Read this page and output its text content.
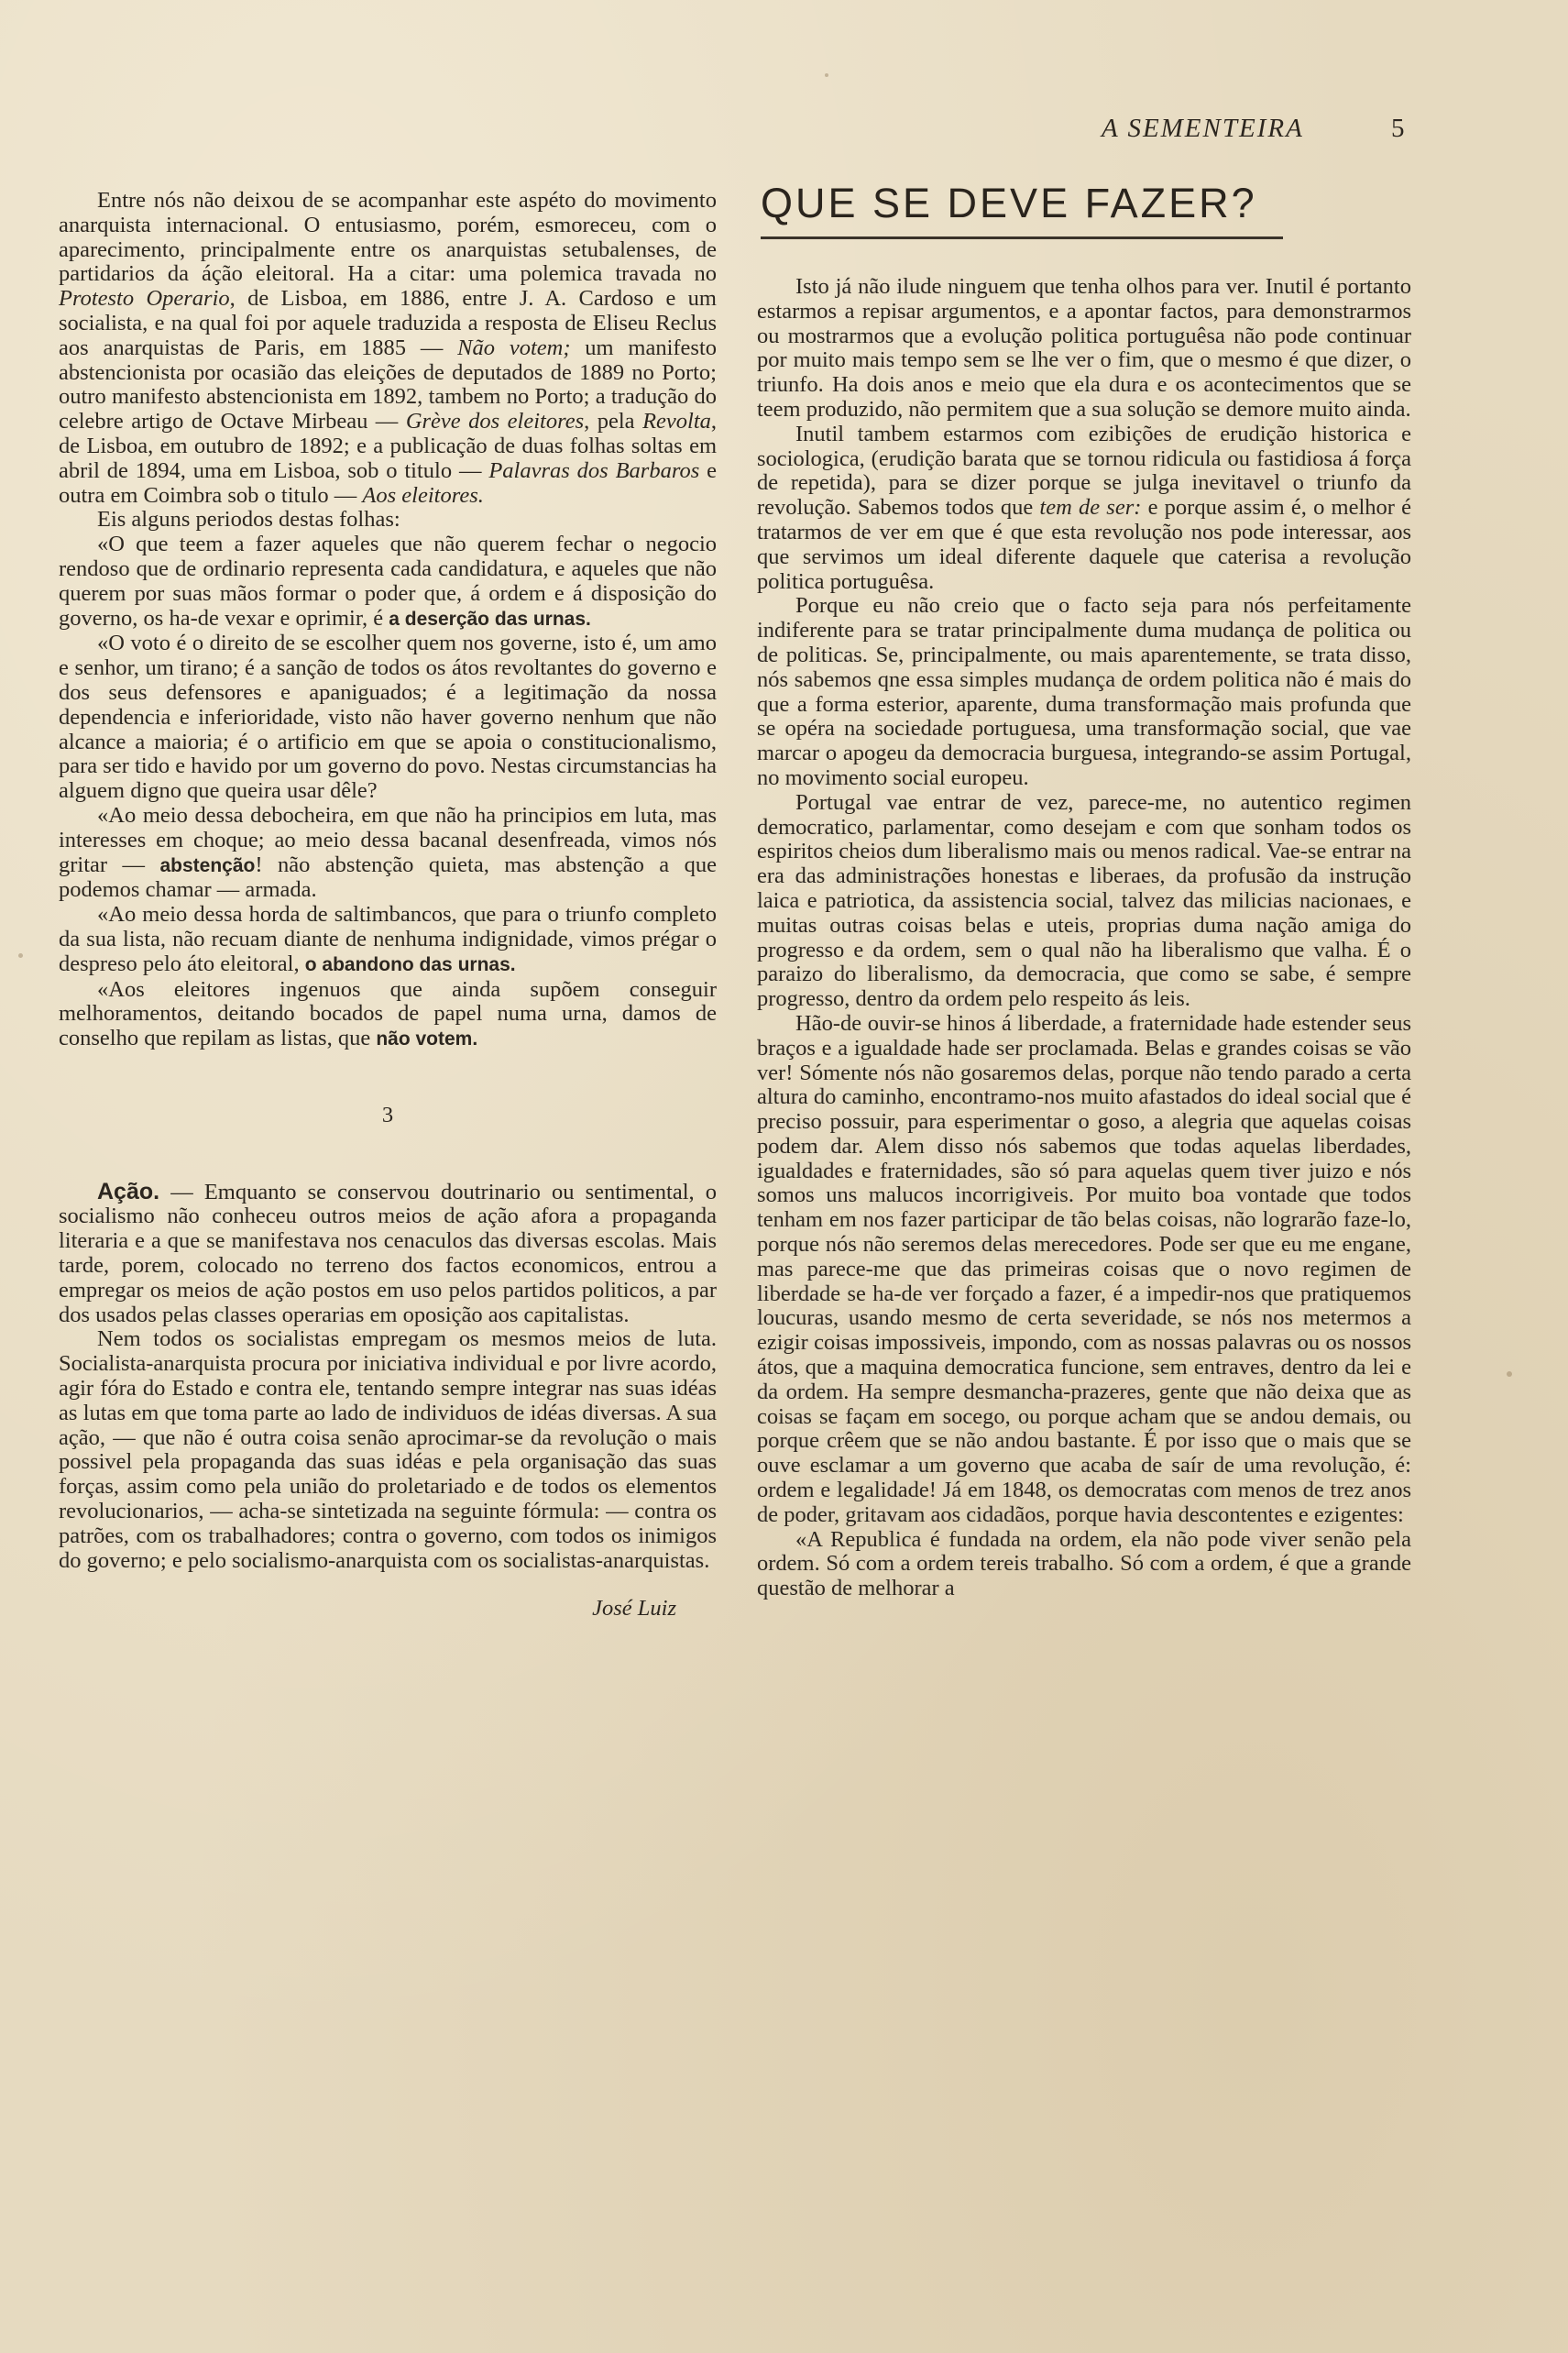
A SEMENTEIRA	5

Entre nós não deixou de se acompanhar este aspéto do movimento anarquista internacional. O entusiasmo, porém, esmoreceu, com o aparecimento, principalmente entre os anarquistas setubalenses, de partidarios da áção eleitoral. Ha a citar: uma polemica travada no Protesto Operario, de Lisboa, em 1886, entre J. A. Cardoso e um socialista, e na qual foi por aquele traduzida a resposta de Eliseu Reclus aos anarquistas de Paris, em 1885 — Não votem; um manifesto abstencionista por ocasião das eleições de deputados de 1889 no Porto; outro manifesto abstencionista em 1892, tambem no Porto; a tradução do celebre artigo de Octave Mirbeau — Grève dos eleitores, pela Revolta, de Lisboa, em outubro de 1892; e a publicação de duas folhas soltas em abril de 1894, uma em Lisboa, sob o titulo — Palavras dos Barbaros e outra em Coimbra sob o titulo — Aos eleitores.

Eis alguns periodos destas folhas:

«O que teem a fazer aqueles que não querem fechar o negocio rendoso que de ordinario representa cada candidatura, e aqueles que não querem por suas mãos formar o poder que, á ordem e á disposição do governo, os ha-de vexar e oprimir, é a deserção das urnas.

«O voto é o direito de se escolher quem nos governe, isto é, um amo e senhor, um tirano; é a sanção de todos os átos revoltantes do governo e dos seus defensores e apaniguados; é a legitimação da nossa dependencia e inferioridade, visto não haver governo nenhum que não alcance a maioria; é o artificio em que se apoia o constitucionalismo, para ser tido e havido por um governo do povo. Nestas circumstancias ha alguem digno que queira usar dêle?

«Ao meio dessa debocheira, em que não ha principios em luta, mas interesses em choque; ao meio dessa bacanal desenfreada, vimos nós gritar — abstenção! não abstenção quieta, mas abstenção a que podemos chamar — armada.

«Ao meio dessa horda de saltimbancos, que para o triunfo completo da sua lista, não recuam diante de nenhuma indignidade, vimos prégar o despreso pelo áto eleitoral, o abandono das urnas.

«Aos eleitores ingenuos que ainda supõem conseguir melhoramentos, deitando bocados de papel numa urna, damos de conselho que repilam as listas, que não votem.

3

Ação. — Emquanto se conservou doutrinario ou sentimental, o socialismo não conheceu outros meios de ação afora a propaganda literaria e a que se manifestava nos cenaculos das diversas escolas. Mais tarde, porem, colocado no terreno dos factos economicos, entrou a empregar os meios de ação postos em uso pelos partidos politicos, a par dos usados pelas classes operarias em oposição aos capitalistas.

Nem todos os socialistas empregam os mesmos meios de luta. Socialista-anarquista procura por iniciativa individual e por livre acordo, agir fóra do Estado e contra ele, tentando sempre integrar nas suas idéas as lutas em que toma parte ao lado de individuos de idéas diversas. A sua ação, — que não é outra coisa senão aprocimar-se da revolução o mais possivel pela propaganda das suas idéas e pela organisação das suas forças, assim como pela união do proletariado e de todos os elementos revolucionarios, — acha-se sintetizada na seguinte fórmula: — contra os patrões, com os trabalhadores; contra o governo, com todos os inimigos do governo; e pelo socialismo-anarquista com os socialistas-anarquistas.

José Luiz
QUE SE DEVE FAZER?

Isto já não ilude ninguem que tenha olhos para ver. Inutil é portanto estarmos a repisar argumentos, e a apontar factos, para demonstrarmos ou mostrarmos que a evolução politica portuguêsa não pode continuar por muito mais tempo sem se lhe ver o fim, que o mesmo é que dizer, o triunfo. Ha dois anos e meio que ela dura e os acontecimentos que se teem produzido, não permitem que a sua solução se demore muito ainda.

Inutil tambem estarmos com ezibições de erudição historica e sociologica, (erudição barata que se tornou ridicula ou fastidiosa á força de repetida), para se dizer porque se julga inevitavel o triunfo da revolução. Sabemos todos que tem de ser: e porque assim é, o melhor é tratarmos de ver em que é que esta revolução nos pode interessar, aos que servimos um ideal diferente daquele que caterisa a revolução politica portuguêsa.

Porque eu não creio que o facto seja para nós perfeitamente indiferente para se tratar principalmente duma mudança de politica ou de politicas. Se, principalmente, ou mais aparentemente, se trata disso, nós sabemos qne essa simples mudança de ordem politica não é mais do que a forma esterior, aparente, duma transformação mais profunda que se opéra na sociedade portuguesa, uma transformação social, que vae marcar o apogeu da democracia burguesa, integrando-se assim Portugal, no movimento social europeu.

Portugal vae entrar de vez, parece-me, no autentico regimen democratico, parlamentar, como desejam e com que sonham todos os espiritos cheios dum liberalismo mais ou menos radical. Vae-se entrar na era das administrações honestas e liberaes, da profusão da instrução laica e patriotica, da assistencia social, talvez das milicias nacionaes, e muitas outras coisas belas e uteis, proprias duma nação amiga do progresso e da ordem, sem o qual não ha liberalismo que valha. É o paraizo do liberalismo, da democracia, que como se sabe, é sempre progresso, dentro da ordem pelo respeito ás leis.

Hão-de ouvir-se hinos á liberdade, a fraternidade hade estender seus braços e a igualdade hade ser proclamada. Belas e grandes coisas se vão ver! Sómente nós não gosaremos delas, porque não tendo parado a certa altura do caminho, encontramo-nos muito afastados do ideal social que é preciso possuir, para esperimentar o goso, a alegria que aquelas coisas podem dar. Alem disso nós sabemos que todas aquelas liberdades, igualdades e fraternidades, são só para aquelas quem tiver juizo e nós somos uns malucos incorrigiveis. Por muito boa vontade que todos tenham em nos fazer participar de tão belas coisas, não lograrão faze-lo, porque nós não seremos delas merecedores. Pode ser que eu me engane, mas parece-me que das primeiras coisas que o novo regimen de liberdade se ha-de ver forçado a fazer, é a impedir-nos que pratiquemos loucuras, usando mesmo de certa severidade, se nós nos metermos a ezigir coisas impossiveis, impondo, com as nossas palavras ou os nossos átos, que a maquina democratica funcione, sem entraves, dentro da lei e da ordem. Ha sempre desmancha-prazeres, gente que não deixa que as coisas se façam em socego, ou porque acham que se andou demais, ou porque crêem que se não andou bastante. É por isso que o mais que se ouve esclamar a um governo que acaba de saír de uma revolução, é: ordem e legalidade! Já em 1848, os democratas com menos de trez anos de poder, gritavam aos cidadãos, porque havia descontentes e ezigentes:

«A Republica é fundada na ordem, ela não pode viver senão pela ordem. Só com a ordem tereis trabalho. Só com a ordem, é que a grande questão de melhorar a
